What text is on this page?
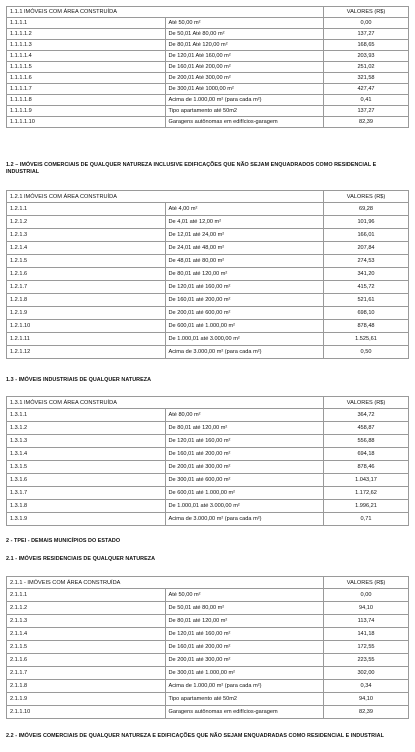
1.1.1 IMÓVEIS COM ÁREA CONSTRUÍDA		VALORES (R$)
1.1.1.1	Até 50,00 m²	0,00
1.1.1.1.2	De 50,01 Até 80,00 m²	137,27
1.1.1.1.3	De 80,01 Até 120,00 m²	168,65
1.1.1.1.4	De 120,01 Até 160,00 m²	203,93
1.1.1.1.5	De 160,01 Até 200,00 m²	251,02
1.1.1.1.6	De 200,01 Até 300,00 m²	321,58
1.1.1.1.7	De 300,01 Até 1000,00 m²	427,47
1.1.1.1.8	Acima de 1.000,00 m² (para cada m²)	0,41
1.1.1.1.9	Tipo apartamento até 50m2	137,27
1.1.1.1.10	Garagens autônomas em edifícios-garagem	82,39
1.2 – IMÓVEIS COMERCIAIS DE QUALQUER NATUREZA INCLUSIVE EDIFICAÇÕES QUE NÃO SEJAM ENQUADRADOS COMO RESIDENCIAL E INDUSTRIAL
1.2.1 IMÓVEIS COM ÁREA CONSTRUÍDA		VALORES (R$)
1.2.1.1	Até 4,00 m²	69,28
1.2.1.2	De 4,01 até 12,00 m²	101,96
1.2.1.3	De 12,01 até 24,00 m²	166,01
1.2.1.4	De 24,01 até 48,00 m²	207,84
1.2.1.5	De 48,01 até 80,00 m²	274,53
1.2.1.6	De 80,01 até 120,00 m²	341,20
1.2.1.7	De 120,01 até 160,00 m²	415,72
1.2.1.8	De 160,01 até 200,00 m²	521,61
1.2.1.9	De 200,01 até 600,00 m²	698,10
1.2.1.10	De 600,01 até 1.000,00 m²	878,48
1.2.1.11	De 1.000,01 até 3.000,00 m²	1.525,61
1.2.1.12	Acima de 3.000,00 m² (para cada m²)	0,50
1.3 - IMÓVEIS INDUSTRIAIS DE QUALQUER NATUREZA
1.3.1 IMÓVEIS COM ÁREA CONSTRUÍDA		VALORES (R$)
1.3.1.1	Até 80,00 m²	364,72
1.3.1.2	De 80,01 até 120,00 m²	458,87
1.3.1.3	De 120,01 até 160,00 m²	556,88
1.3.1.4	De 160,01 até 200,00 m²	694,18
1.3.1.5	De 200,01 até 300,00 m²	878,46
1.3.1.6	De 300,01 até 600,00 m²	1.043,17
1.3.1.7	De 600,01 até 1.000,00 m²	1.172,62
1.3.1.8	De 1.000,01 até 3.000,00 m²	1.996,21
1.3.1.9	Acima de 3.000,00 m² (para cada m²)	0,71
2 - TPEI - DEMAIS MUNICÍPIOS DO ESTADO
2.1 - IMÓVEIS RESIDENCIAIS DE QUALQUER NATUREZA
2.1.1 - IMÓVEIS COM ÁREA CONSTRUÍDA		VALORES (R$)
2.1.1.1	Até 50,00 m²	0,00
2.1.1.2	De 50,01 até 80,00 m²	94,10
2.1.1.3	De 80,01 até 120,00 m²	113,74
2.1.1.4	De 120,01 até 160,00 m²	141,18
2.1.1.5	De 160,01 até 200,00 m²	172,55
2.1.1.6	De 200,01 até 300,00 m²	223,55
2.1.1.7	De 300,01 até 1.000,00 m²	302,00
2.1.1.8	Acima de 1.000,00 m² (para cada m²)	0,34
2.1.1.9	Tipo apartamento até 50m2	94,10
2.1.1.10	Garagens autônomas em edifícios-garagem	82,39
2.2 - IMÓVEIS COMERCIAIS DE QUALQUER NATUREZA E EDIFICAÇÕES QUE NÃO SEJAM ENQUADRADAS COMO RESIDENCIAL E INDUSTRIAL
